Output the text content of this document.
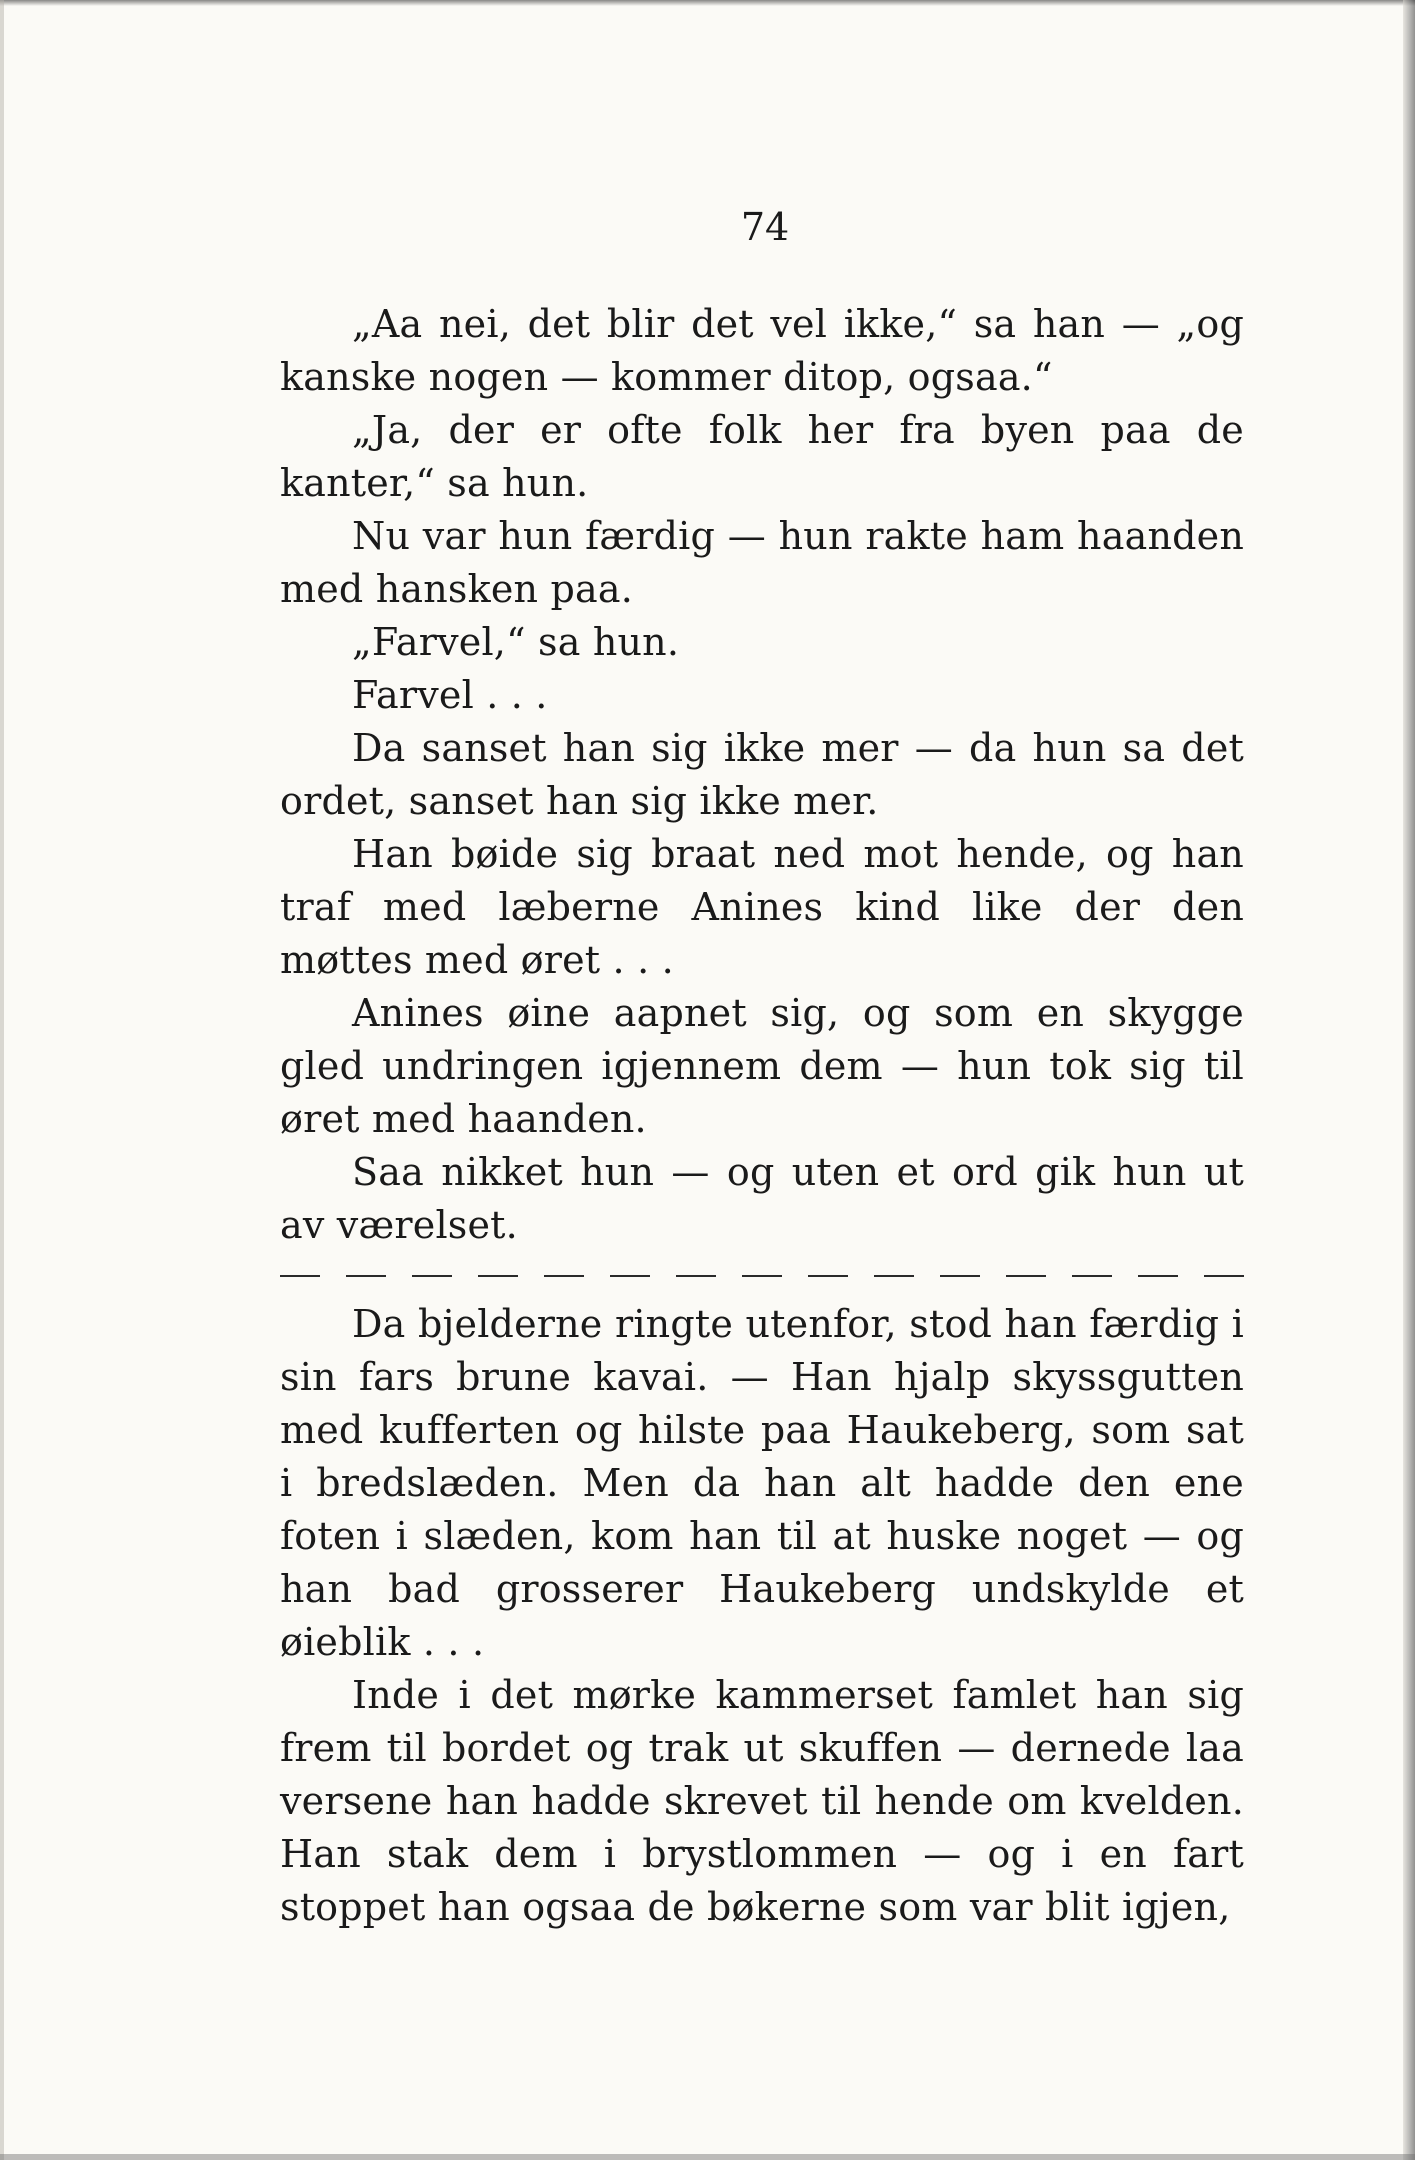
74

„Aa nei, det blir det vel ikke,“ sa han — „og kanske nogen — kommer ditop, ogsaa.“

„Ja, der er ofte folk her fra byen paa de kanter,“ sa hun.

Nu var hun færdig — hun rakte ham haanden med hansken paa.

„Farvel,“ sa hun.

Farvel . . .

Da sanset han sig ikke mer — da hun sa det ordet, sanset han sig ikke mer.

Han bøide sig braat ned mot hende, og han traf med læberne Anines kind like der den møttes med øret . . .

Anines øine aapnet sig, og som en skygge gled undringen igjennem dem — hun tok sig til øret med haanden.

Saa nikket hun — og uten et ord gik hun ut av værelset.

Da bjelderne ringte utenfor, stod han færdig i sin fars brune kavai. — Han hjalp skyssgutten med kufferten og hilste paa Haukeberg, som sat i bredslæden. Men da han alt hadde den ene foten i slæden, kom han til at huske noget — og han bad grosserer Haukeberg undskylde et øieblik . . .

Inde i det mørke kammerset famlet han sig frem til bordet og trak ut skuffen — dernede laa versene han hadde skrevet til hende om kvelden. Han stak dem i brystlommen — og i en fart stoppet han ogsaa de bøkerne som var blit igjen,
